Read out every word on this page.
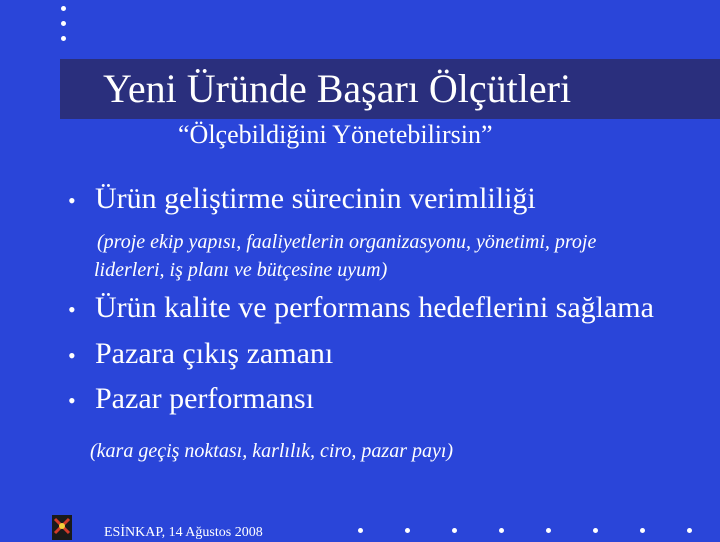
Yeni Üründe Başarı Ölçütleri
“Ölçebildiğini Yönetebilirsin”
• Ürün geliştirme sürecinin verimliliği
(proje ekip yapısı, faaliyetlerin organizasyonu, yönetimi, proje
liderleri, iş planı ve bütçesine uyum)
• Ürün kalite ve performans hedeflerini sağlama
• Pazara çıkış zamanı
• Pazar performansı
(kara geçiş noktası, karlılık, ciro, pazar payı)
ESİNKAP, 14 Ağustos 2008
